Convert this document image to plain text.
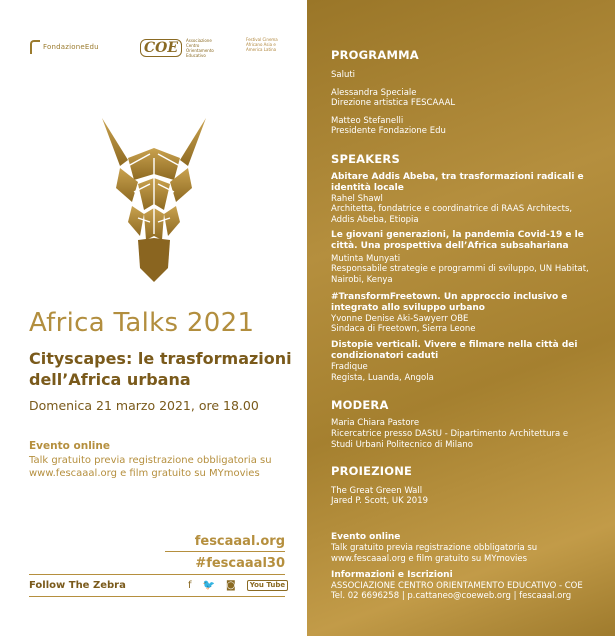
FondazioneEdu	COE	Associazione Centro Orientamento Educativo
Festival Cinema Africano Asia e America Latina
Africa Talks 2021
Cityscapes: le trasformazioni dell’Africa urbana
Domenica 21 marzo 2021, ore 18.00
Evento online
Talk gratuito previa registrazione obbligatoria su www.fescaaal.org e film gratuito su MYmovies
fescaaal.org
#fescaaal30
Follow The Zebra	f 🐦 ◙	You Tube
PROGRAMMA
Saluti
Alessandra Speciale
Direzione artistica FESCAAAL
Matteo Stefanelli
Presidente Fondazione Edu
SPEAKERS
Abitare Addis Abeba, tra trasformazioni radicali e identità locale
Rahel Shawl
Architetta, fondatrice e coordinatrice di RAAS Architects, Addis Abeba, Etiopia
Le giovani generazioni, la pandemia Covid-19 e le città. Una prospettiva dell’Africa subsahariana
Mutinta Munyati
Responsabile strategie e programmi di sviluppo, UN Habitat, Nairobi, Kenya
#TransformFreetown. Un approccio inclusivo e integrato allo sviluppo urbano
Yvonne Denise Aki-Sawyerr OBE
Sindaca di Freetown, Sierra Leone
Distopie verticali. Vivere e filmare nella città dei condizionatori caduti
Fradique
Regista, Luanda, Angola
MODERA
Maria Chiara Pastore
Ricercatrice presso DAStU - Dipartimento Architettura e Studi Urbani Politecnico di Milano
PROIEZIONE
The Great Green Wall
Jared P. Scott, UK 2019
Evento online
Talk gratuito previa registrazione obbligatoria su www.fescaaal.org e film gratuito su MYmovies
Informazioni e Iscrizioni
ASSOCIAZIONE CENTRO ORIENTAMENTO EDUCATIVO - COE
Tel. 02 6696258 | p.cattaneo@coeweb.org | fescaaal.org
